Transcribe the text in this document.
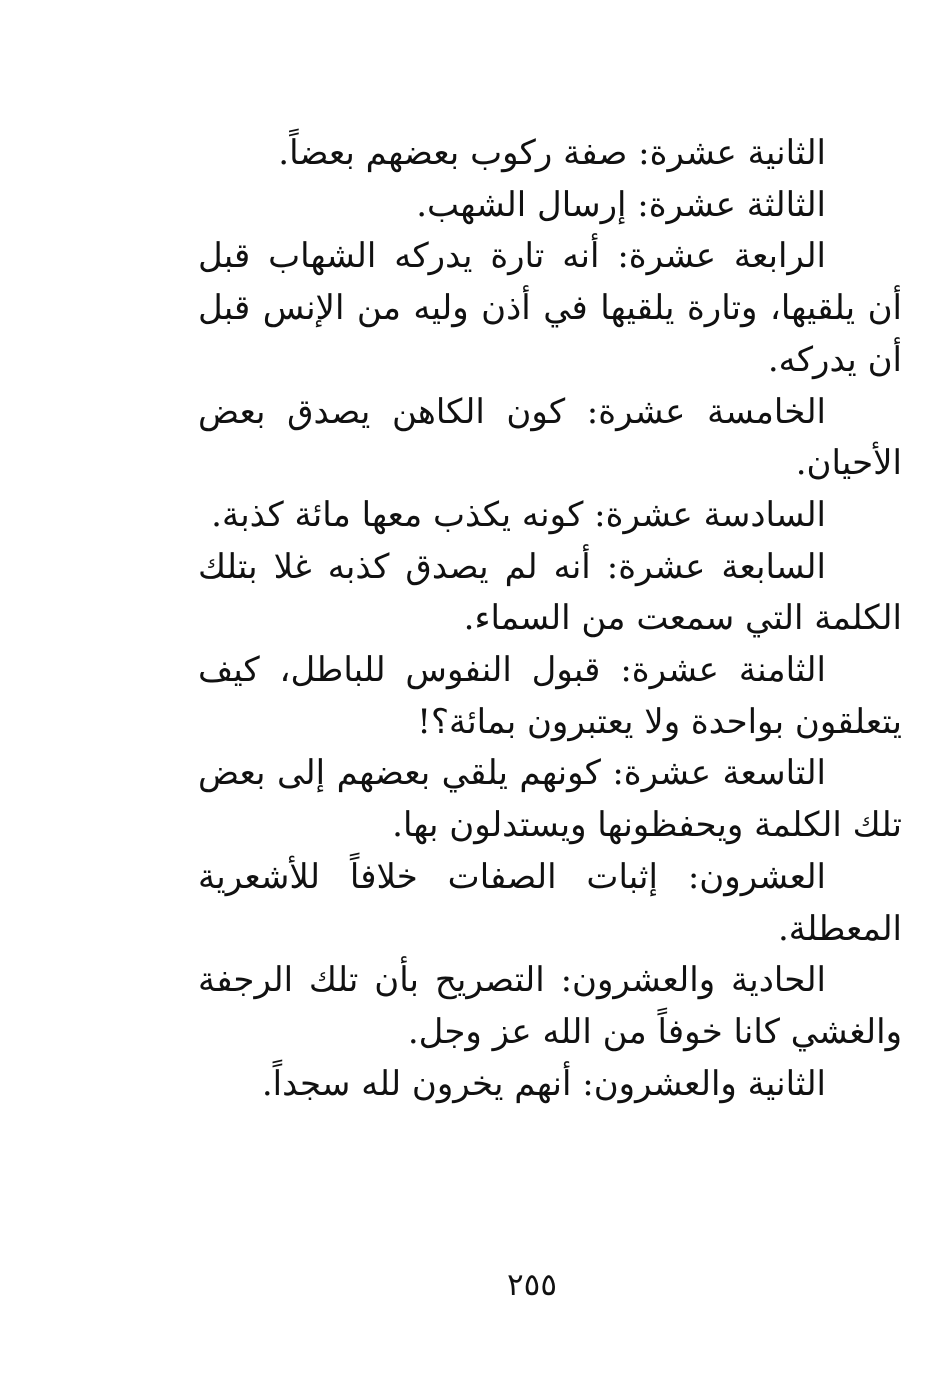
الثانية عشرة: صفة ركوب بعضهم بعضاً.

الثالثة عشرة: إرسال الشهب.

الرابعة عشرة: أنه تارة يدركه الشهاب قبل أن يلقيها، وتارة يلقيها في أذن وليه من الإنس قبل أن يدركه.

الخامسة عشرة: كون الكاهن يصدق بعض الأحيان.

السادسة عشرة: كونه يكذب معها مائة كذبة.

السابعة عشرة: أنه لم يصدق كذبه غلا بتلك الكلمة التي سمعت من السماء.

الثامنة عشرة: قبول النفوس للباطل، كيف يتعلقون بواحدة ولا يعتبرون بمائة؟!

التاسعة عشرة: كونهم يلقي بعضهم إلى بعض تلك الكلمة ويحفظونها ويستدلون بها.

العشرون: إثبات الصفات خلافاً للأشعرية المعطلة.

الحادية والعشرون: التصريح بأن تلك الرجفة والغشي كانا خوفاً من الله عز وجل.

الثانية والعشرون: أنهم يخرون لله سجداً.

٢٥٥
